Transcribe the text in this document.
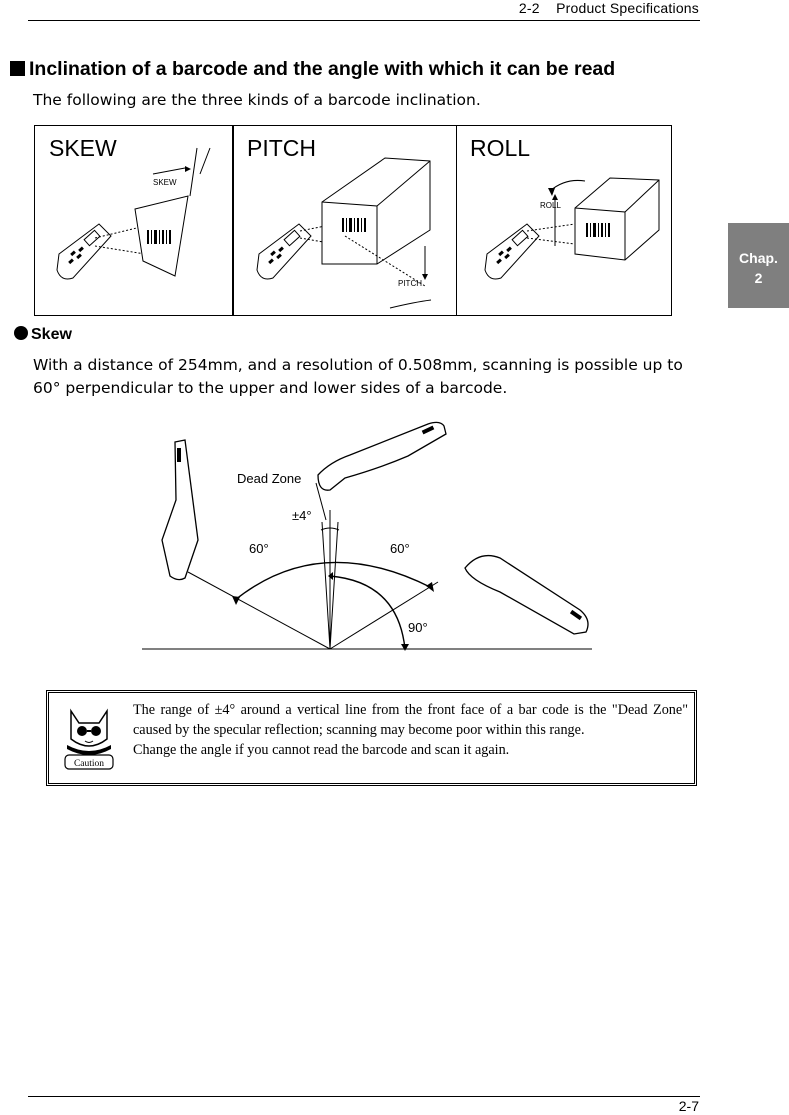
2-2 Product Specifications
Chap.
2
Inclination of a barcode and the angle with which it can be read
The following are the three kinds of a barcode inclination.
SKEW	PITCH	ROLL
SKEW
PITCH
ROLL
Skew
With a distance of 254mm, and a resolution of 0.508mm, scanning is possible up to 60° perpendicular to the upper and lower sides of a barcode.
Dead Zone
±4°
60°	60°
90°
Caution

The range of ±4° around a vertical line from the front face of a bar code is the "Dead Zone" caused by the specular reflection; scanning may become poor within this range.

Change the angle if you cannot read the barcode and scan it again.

2-7
